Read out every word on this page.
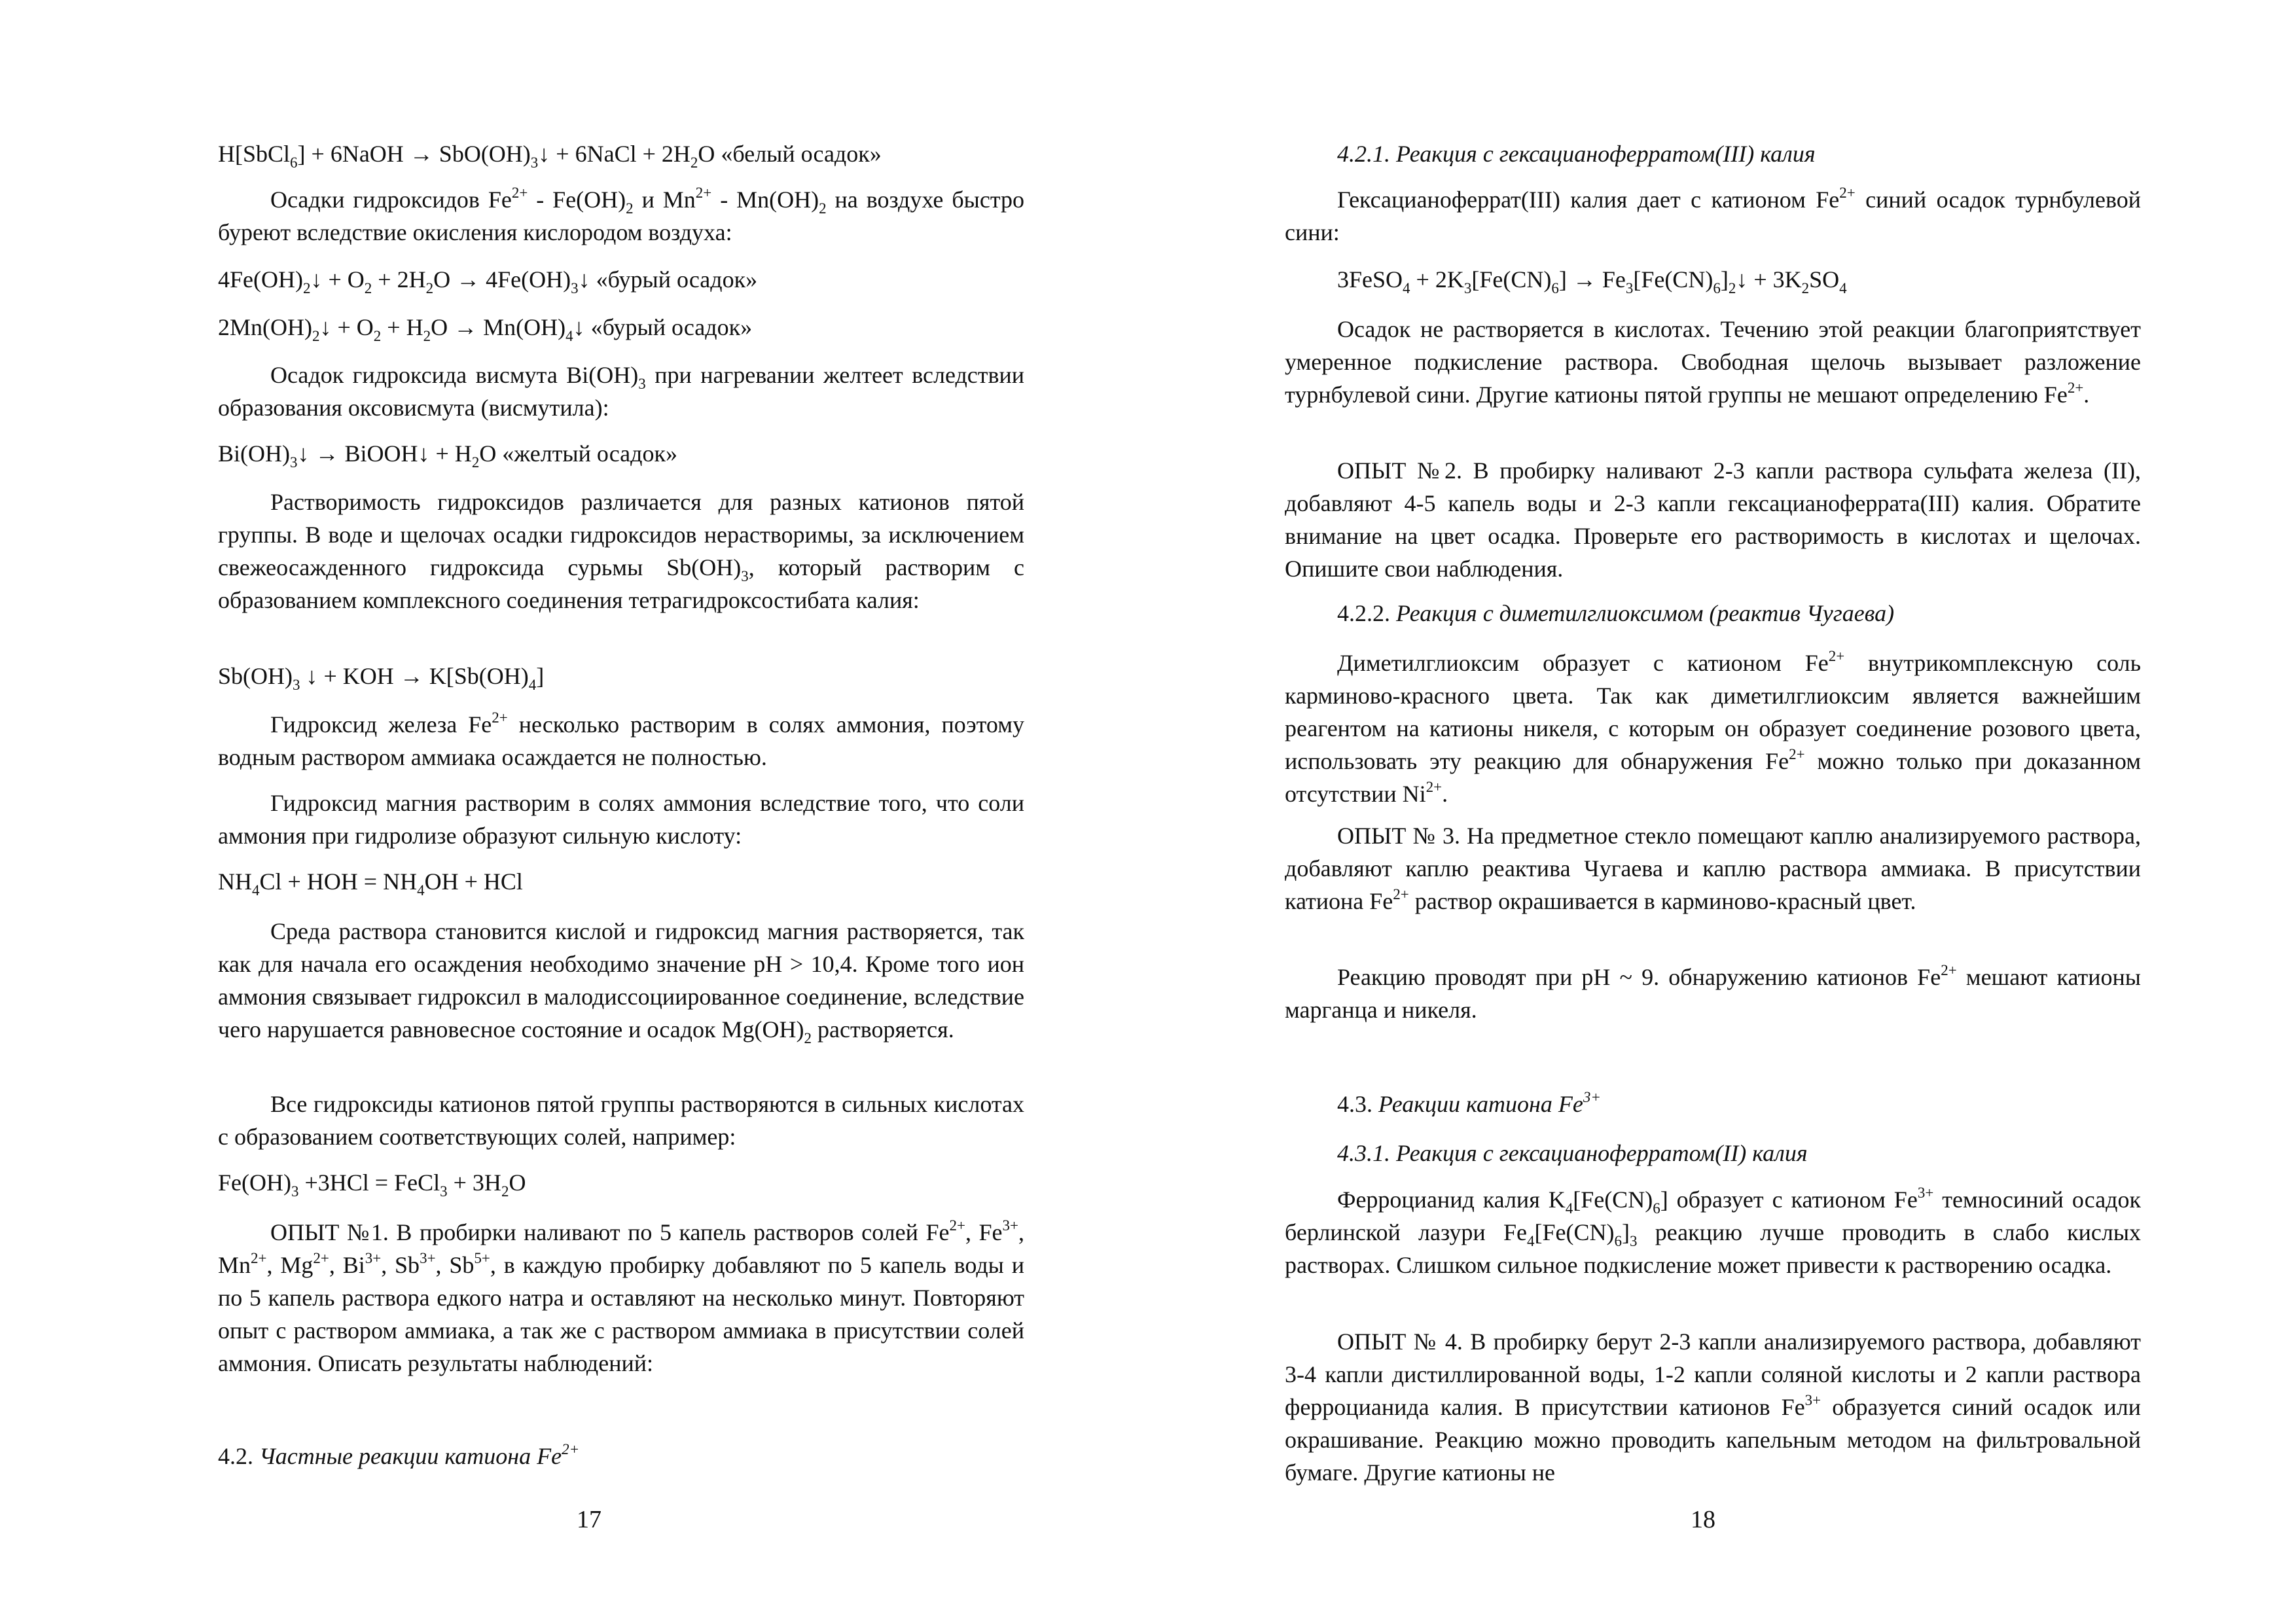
H[SbCl$_6$] + 6NaOH → $SbO(OH)_3↓$ + 6NaCl + $2H_2O$ «белый осадок»

Осадки гидроксидов $Fe^{2+} - Fe(OH)_2$ и $Mn^{2+} - Mn(OH)_2$ на воздухе быстро буреют вследствие окисления кислородом воздуха:

$4Fe(OH)_2↓ + O_2 + 2H_2O$ → $4Fe(OH)_3↓$ «бурый осадок»

$2Mn(OH)_2↓ + O_2 + H_2O$ → $Mn(OH)_4↓$ «бурый осадок»

Осадок гидроксида висмута $Bi(OH)_3$ при нагревании желтеет вследствии образования оксовисмута (висмутила):

$Bi(OH)_3↓$ → BiOOH↓ + $H_2O$ «желтый осадок»

Растворимость гидроксидов различается для разных катионов пятой группы. В воде и щелочах осадки гидроксидов нерастворимы, за исключением свежеосажденного гидроксида сурьмы $Sb(OH)_3$, который растворим с образованием комплексного соединения тетрагидроксостибата калия:

$Sb(OH)_3$ ↓ + KOH → $K[Sb(OH)_4]$

Гидроксид железа $Fe^{2+}$ несколько растворим в солях аммония, поэтому водным раствором аммиака осаждается не полностью.

Гидроксид магния растворим в солях аммония вследствие того, что соли аммония при гидролизе образуют сильную кислоту:

$NH_4Cl$ + HOH = $NH_4OH$ + HCl

Среда раствора становится кислой и гидроксид магния растворяется, так как для начала его осаждения необходимо значение pH > 10,4. Кроме того ион аммония связывает гидроксил в малодиссоциированное соединение, вследствие чего нарушается равновесное состояние и осадок $Mg(OH)_2$ растворяется.

Все гидроксиды катионов пятой группы растворяются в сильных кислотах с образованием соответствующих солей, например:

$Fe(OH)_3 +3HCl$ = FeCl$_3$ + $3H_2O$

ОПЫТ №1. В пробирки наливают по 5 капель растворов солей $Fe^{2+}$, $Fe^{3+}$, $Mn^{2+}$, $Mg^{2+}$, $Bi^{3+}$, $Sb^{3+}$, $Sb^{5+}$, в каждую пробирку добавляют по 5 капель воды и по 5 капель раствора едкого натра и оставляют на несколько минут. Повторяют опыт с раствором аммиака, а так же с раствором аммиака в присутствии солей аммония. Описать результаты наблюдений:

4.2. Частные реакции катиона $Fe^{2+}$

17

4.2.1. Реакция с гексацианоферратом(III) калия

Гексацианоферрат(III) калия дает с катионом $Fe^{2+}$ синий осадок турнбулевой сини:

3FeSO$_4$ + $2K_3[Fe(CN)_6]$ → $Fe_3[Fe(CN)_6]_2↓ + 3K_2SO_4$

Осадок не растворяется в кислотах. Течению этой реакции благоприятствует умеренное подкисление раствора. Свободная щелочь вызывает разложение турнбулевой сини. Другие катионы пятой группы не мешают определению $Fe^{2+}$.

ОПЫТ №2. В пробирку наливают 2-3 капли раствора сульфата железа (II), добавляют 4-5 капель воды и 2-3 капли гексацианоферрата(III) калия. Обратите внимание на цвет осадка. Проверьте его растворимость в кислотах и щелочах. Опишите свои наблюдения.

4.2.2. Реакция с диметилглиоксимом (реактив Чугаева)

Диметилглиоксим образует с катионом $Fe^{2+}$ внутрикомплексную соль карминово-красного цвета. Так как диметилглиоксим является важнейшим реагентом на катионы никеля, с которым он образует соединение розового цвета, использовать эту реакцию для обнаружения $Fe^{2+}$ можно только при доказанном отсутствии $Ni^{2+}$.

ОПЫТ № 3. На предметное стекло помещают каплю анализируемого раствора, добавляют каплю реактива Чугаева и каплю раствора аммиака. В присутствии катиона $Fe^{2+}$ раствор окрашивается в карминово-красный цвет.

Реакцию проводят при pH ~ 9. обнаружению катионов $Fe^{2+}$ мешают катионы марганца и никеля.

4.3. Реакции катиона $Fe^{3+}$

4.3.1. Реакция с гексацианоферратом(II) калия

Ферроцианид калия $K_4[Fe(CN)_6]$ образует с катионом $Fe^{3+}$ темносиний осадок берлинской лазури $Fe_4[Fe(CN)_6]_3$ реакцию лучше проводить в слабо кислых растворах. Слишком сильное подкисление может привести к растворению осадка.

ОПЫТ № 4. В пробирку берут 2-3 капли анализируемого раствора, добавляют 3-4 капли дистиллированной воды, 1-2 капли соляной кислоты и 2 капли раствора ферроцианида калия. В присутствии катионов $Fe^{3+}$ образуется синий осадок или окрашивание. Реакцию можно проводить капельным методом на фильтровальной бумаге. Другие катионы не

18
